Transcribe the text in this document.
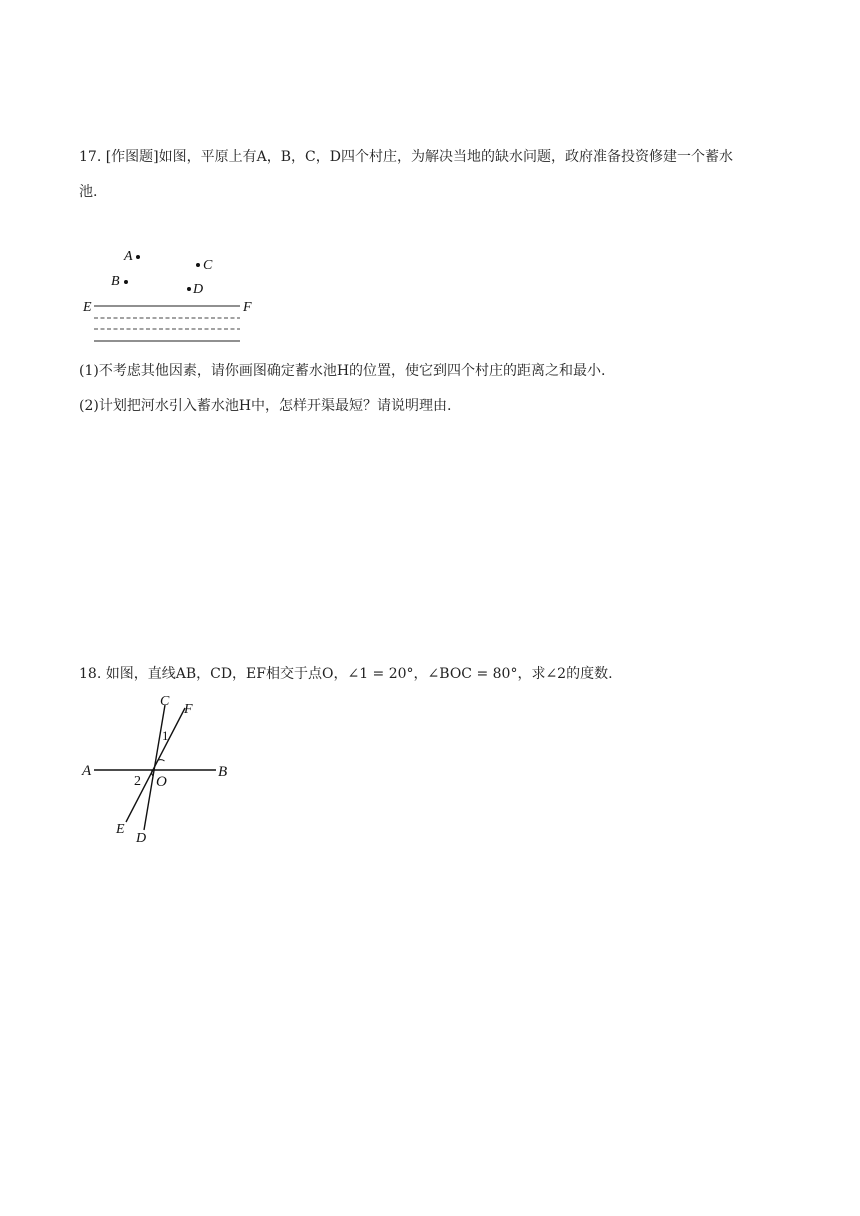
17. [作图题]如图，平原上有A，B，C，D四个村庄，为解决当地的缺水问题，政府准备投资修建一个蓄水
池.
A
B
C
D
E	F
(1)不考虑其他因素，请你画图确定蓄水池H的位置，使它到四个村庄的距离之和最小.
(2)计划把河水引入蓄水池H中，怎样开渠最短？请说明理由.
18. 如图，直线AB，CD，EF相交于点O，∠1 = 20°，∠BOC = 80°，求∠2的度数.
C
F
1
A	B
2 O
E
D
